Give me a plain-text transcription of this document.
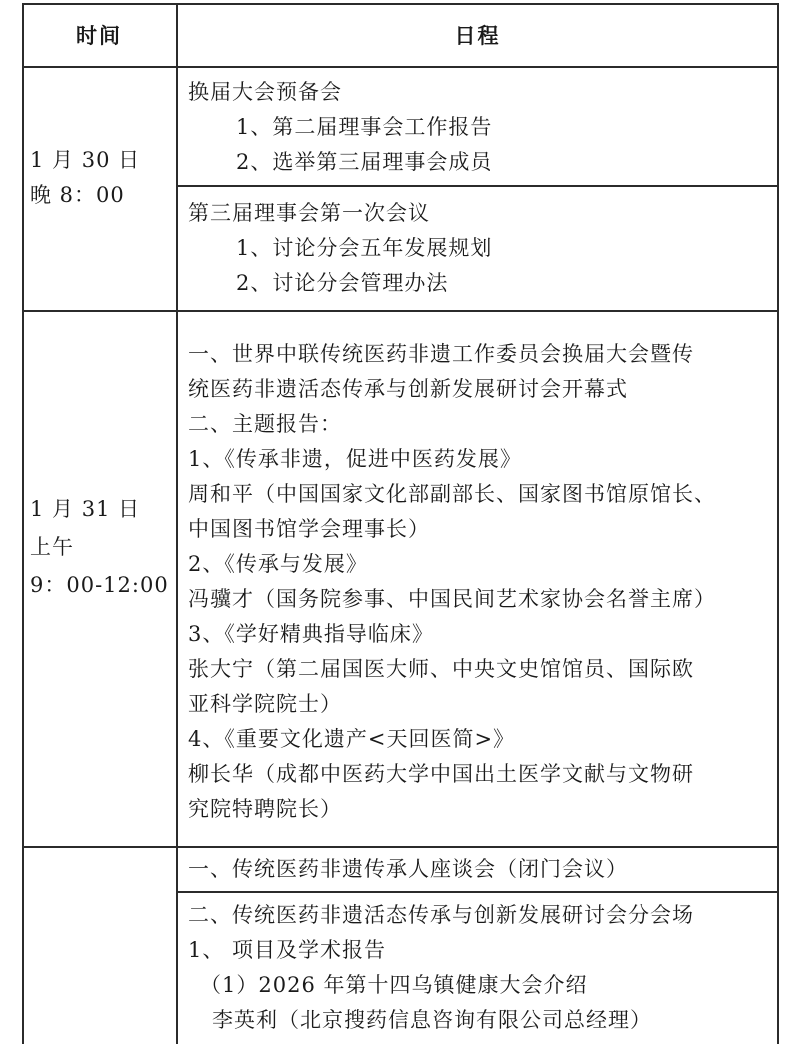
时间	日程
1 月 30 日
晚 8：00
换届大会预备会
1、第二届理事会工作报告
2、选举第三届理事会成员
第三届理事会第一次会议
1、讨论分会五年发展规划
2、讨论分会管理办法
1 月 31 日
上午
9：00-12:00
一、世界中联传统医药非遗工作委员会换届大会暨传
统医药非遗活态传承与创新发展研讨会开幕式
二、主题报告：
1、《传承非遗，促进中医药发展》
周和平（中国国家文化部副部长、国家图书馆原馆长、
中国图书馆学会理事长）
2、《传承与发展》
冯骥才（国务院参事、中国民间艺术家协会名誉主席）
3、《学好精典指导临床》
张大宁（第二届国医大师、中央文史馆馆员、国际欧
亚科学院院士）
4、《重要文化遗产<天回医简>》
柳长华（成都中医药大学中国出土医学文献与文物研
究院特聘院长）
一、传统医药非遗传承人座谈会（闭门会议）
二、传统医药非遗活态传承与创新发展研讨会分会场
1、 项目及学术报告
（1）2026 年第十四乌镇健康大会介绍
李英利（北京搜药信息咨询有限公司总经理）
